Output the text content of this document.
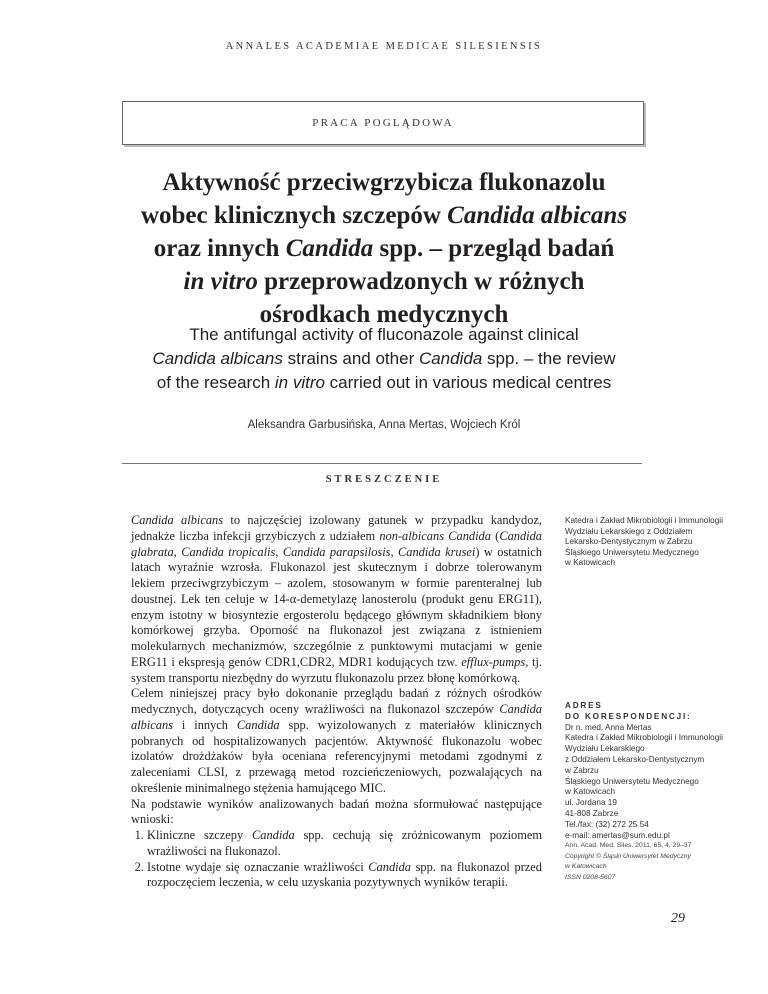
ANNALES ACADEMIAE MEDICAE SILESIENSIS
PRACA POGLĄDOWA
Aktywność przeciwgrzybicza flukonazolu
wobec klinicznych szczepów Candida albicans
oraz innych Candida spp. – przegląd badań
in vitro przeprowadzonych w różnych
ośrodkach medycznych
The antifungal activity of fluconazole against clinical
Candida albicans strains and other Candida spp. – the review
of the research in vitro carried out in various medical centres
Aleksandra Garbusińska, Anna Mertas, Wojciech Król
STRESZCZENIE

Candida albicans to najczęściej izolowany gatunek w przypadku kandydoz, jednakże liczba infekcji grzybiczych z udziałem non-albicans Candida (Candida glabrata, Candida tropicalis, Candida parapsilosis, Candida krusei) w ostatnich latach wyraźnie wzrosła. Flukonazol jest skutecznym i dobrze tolerowanym lekiem przeciwgrzybiczym – azolem, stosowanym w formie parenteralnej lub doustnej. Lek ten celuje w 14-α-demetylazę lanosterolu (produkt genu ERG11), enzym istotny w biosyntezie ergosterolu będącego głównym składnikiem błony komórkowej grzyba. Oporność na flukonazol jest związana z istnieniem molekularnych mechanizmów, szczególnie z punktowymi mutacjami w genie ERG11 i ekspresją genów CDR1,CDR2, MDR1 kodujących tzw. efflux-pumps, tj. system transportu niezbędny do wyrzutu flukonazolu przez błonę komórkową.

Celem niniejszej pracy było dokonanie przeglądu badań z różnych ośrodków medycznych, dotyczących oceny wrażliwości na flukonazol szczepów Candida albicans i innych Candida spp. wyizolowanych z materiałów klinicznych pobranych od hospitalizowanych pacjentów. Aktywność flukonazolu wobec izolatów drożdżaków była oceniana referencyjnymi metodami zgodnymi z zaleceniami CLSI, z przewagą metod rozcieńczeniowych, pozwalających na określenie minimalnego stężenia hamującego MIC.

Na podstawie wyników analizowanych badań można sformułować następujące wnioski:

1. Kliniczne szczepy Candida spp. cechują się zróżnicowanym poziomem wrażliwości na flukonazol.
2. Istotne wydaje się oznaczanie wrażliwości Candida spp. na flukonazol przed rozpoczęciem leczenia, w celu uzyskania pozytywnych wyników terapii.
Katedra i Zakład Mikrobiologii i Immunologii
Wydziału Lekarskiego z Oddziałem
Lekarsko-Dentystycznym w Zabrzu
Śląskiego Uniwersytetu Medycznego
w Katowicach
ADRES
DO KORESPONDENCJI:
Dr n. med. Anna Mertas
Katedra i Zakład Mikrobiologii i Immunologii
Wydziału Lekarskiego
z Oddziałem Lekarsko-Dentystycznym
w Zabrzu
Śląskiego Uniwersytetu Medycznego
w Katowicach
ul. Jordana 19
41-808 Zabrze
Tel./fax: (32) 272 25 54
e-mail: amertas@sum.edu.pl
Ann. Acad. Med. Siles. 2011, 65, 4, 29–37
Copyright © Śląski Uniwersytet Medyczny
w Katowicach
ISSN 0208-5607
29
